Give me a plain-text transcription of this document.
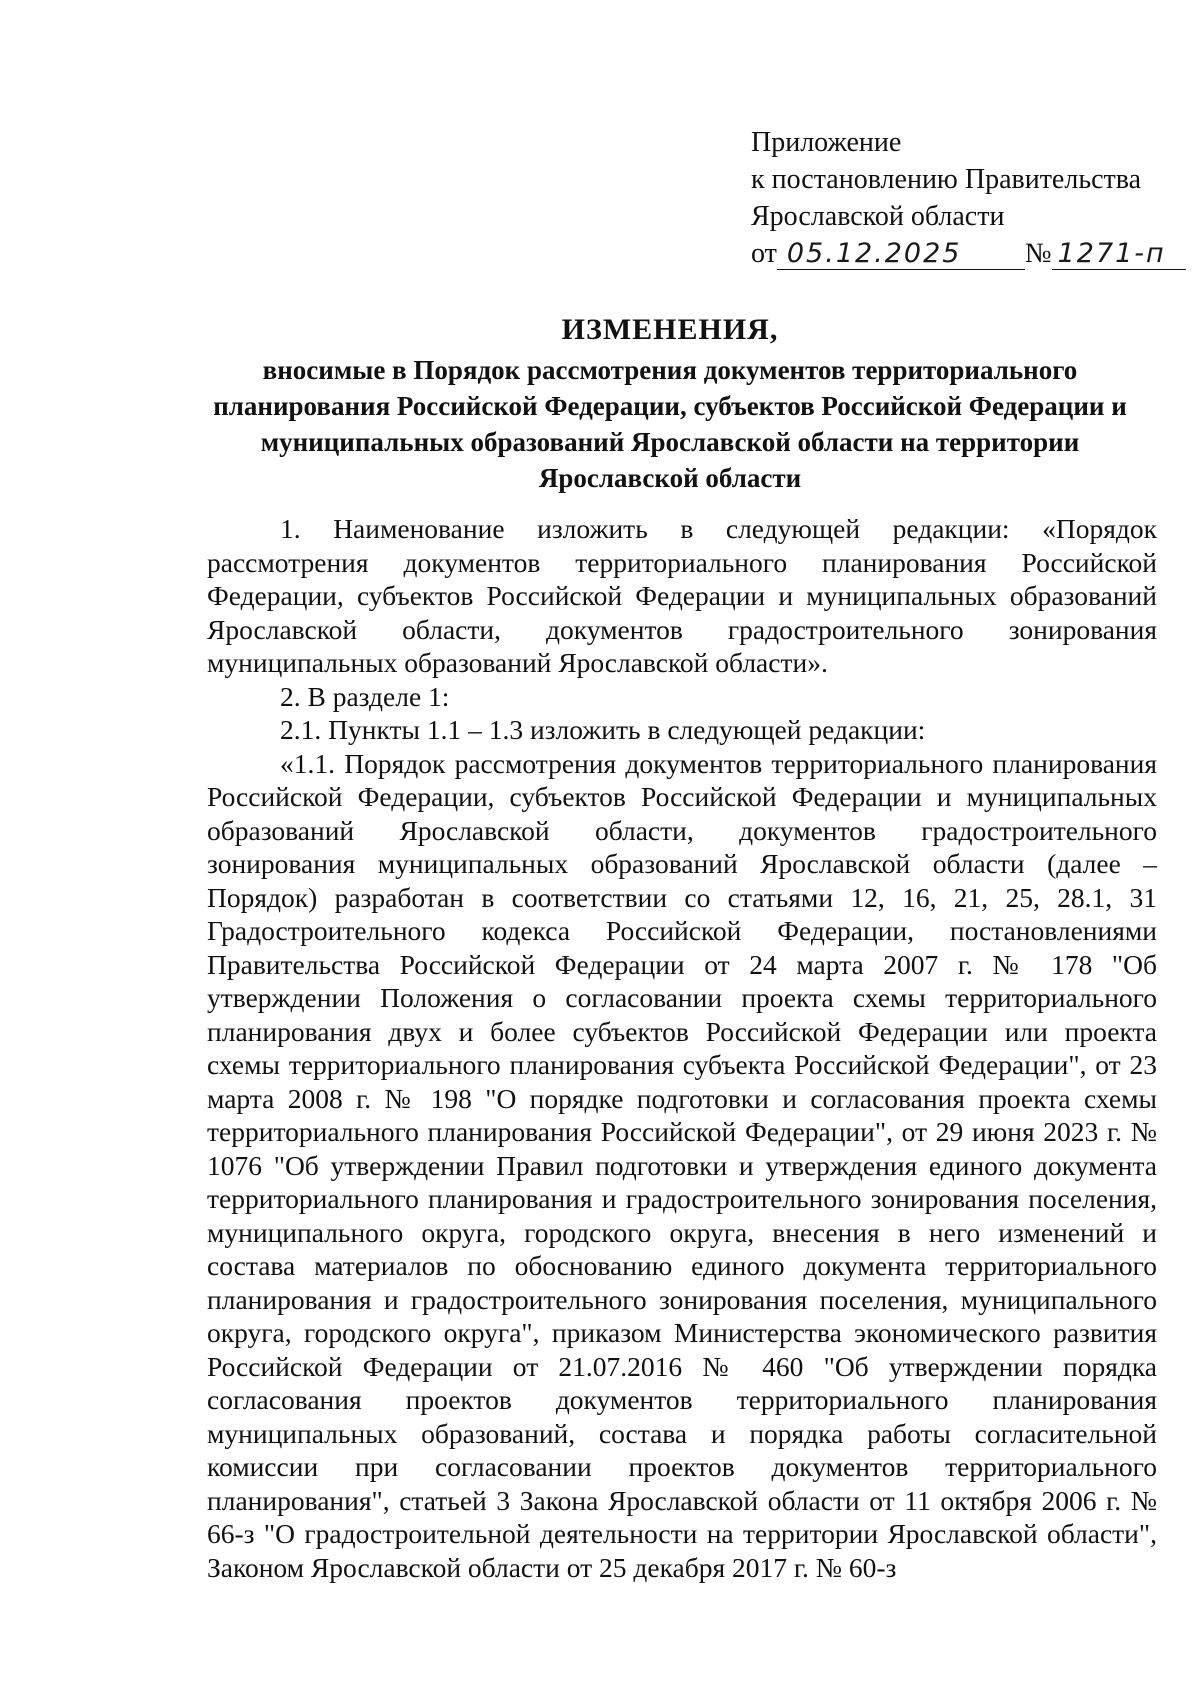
Приложение
к постановлению Правительства
Ярославской области
от 05.12.2025 № 1271-п
ИЗМЕНЕНИЯ,
вносимые в Порядок рассмотрения документов территориального планирования Российской Федерации, субъектов Российской Федерации и муниципальных образований Ярославской области на территории Ярославской области

1. Наименование изложить в следующей редакции: «Порядок рассмотрения документов территориального планирования Российской Федерации, субъектов Российской Федерации и муниципальных образований Ярославской области, документов градостроительного зонирования муниципальных образований Ярославской области».

2. В разделе 1:

2.1. Пункты 1.1 – 1.3 изложить в следующей редакции:

«1.1. Порядок рассмотрения документов территориального планирования Российской Федерации, субъектов Российской Федерации и муниципальных образований Ярославской области, документов градостроительного зонирования муниципальных образований Ярославской области (далее – Порядок) разработан в соответствии со статьями 12, 16, 21, 25, 28.1, 31 Градостроительного кодекса Российской Федерации, постановлениями Правительства Российской Федерации от 24 марта 2007 г. № 178 "Об утверждении Положения о согласовании проекта схемы территориального планирования двух и более субъектов Российской Федерации или проекта схемы территориального планирования субъекта Российской Федерации", от 23 марта 2008 г. № 198 "О порядке подготовки и согласования проекта схемы территориального планирования Российской Федерации", от 29 июня 2023 г. № 1076 "Об утверждении Правил подготовки и утверждения единого документа территориального планирования и градостроительного зонирования поселения, муниципального округа, городского округа, внесения в него изменений и состава материалов по обоснованию единого документа территориального планирования и градостроительного зонирования поселения, муниципального округа, городского округа", приказом Министерства экономического развития Российской Федерации от 21.07.2016 № 460 "Об утверждении порядка согласования проектов документов территориального планирования муниципальных образований, состава и порядка работы согласительной комиссии при согласовании проектов документов территориального планирования", статьей 3 Закона Ярославской области от 11 октября 2006 г. № 66-з "О градостроительной деятельности на территории Ярославской области", Законом Ярославской области от 25 декабря 2017 г. № 60-з
